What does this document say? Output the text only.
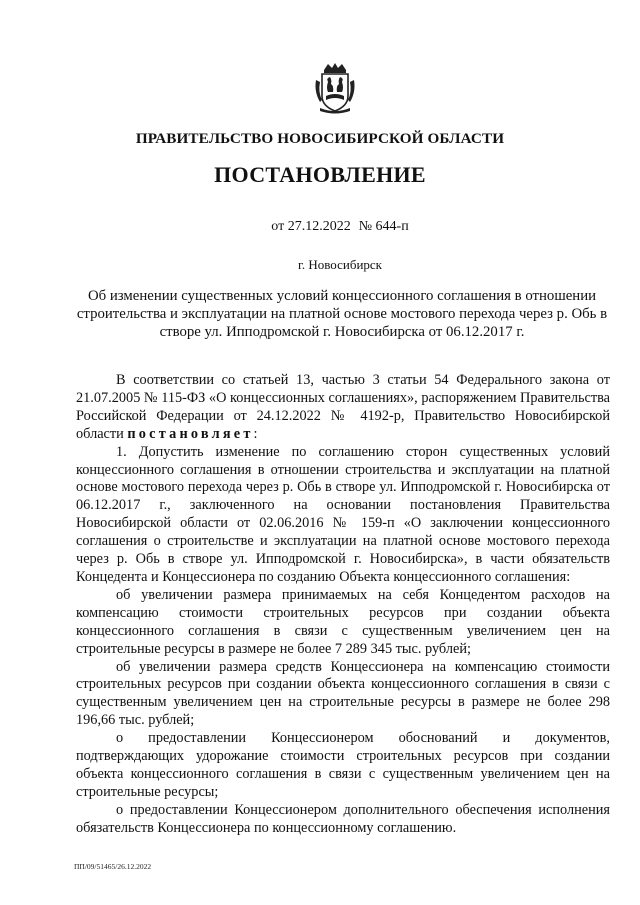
ПРАВИТЕЛЬСТВО НОВОСИБИРСКОЙ ОБЛАСТИ
ПОСТАНОВЛЕНИЕ
от 27.12.2022 № 644-п
г. Новосибирск
Об изменении существенных условий концессионного соглашения в отношении строительства и эксплуатации на платной основе мостового перехода через р. Обь в створе ул. Ипподромской г. Новосибирска от 06.12.2017 г.

В соответствии со статьей 13, частью 3 статьи 54 Федерального закона от 21.07.2005 № 115-ФЗ «О концессионных соглашениях», распоряжением Правительства Российской Федерации от 24.12.2022 № 4192-р, Правительство Новосибирской области постановляет:

1. Допустить изменение по соглашению сторон существенных условий концессионного соглашения в отношении строительства и эксплуатации на платной основе мостового перехода через р. Обь в створе ул. Ипподромской г. Новосибирска от 06.12.2017 г., заключенного на основании постановления Правительства Новосибирской области от 02.06.2016 № 159-п «О заключении концессионного соглашения о строительстве и эксплуатации на платной основе мостового перехода через р. Обь в створе ул. Ипподромской г. Новосибирска», в части обязательств Концедента и Концессионера по созданию Объекта концессионного соглашения:

об увеличении размера принимаемых на себя Концедентом расходов на компенсацию стоимости строительных ресурсов при создании объекта концессионного соглашения в связи с существенным увеличением цен на строительные ресурсы в размере не более 7 289 345 тыс. рублей;

об увеличении размера средств Концессионера на компенсацию стоимости строительных ресурсов при создании объекта концессионного соглашения в связи с существенным увеличением цен на строительные ресурсы в размере не более 298 196,66 тыс. рублей;

о предоставлении Концессионером обоснований и документов, подтверждающих удорожание стоимости строительных ресурсов при создании объекта концессионного соглашения в связи с существенным увеличением цен на строительные ресурсы;

о предоставлении Концессионером дополнительного обеспечения исполнения обязательств Концессионера по концессионному соглашению.

ПП/09/51465/26.12.2022
